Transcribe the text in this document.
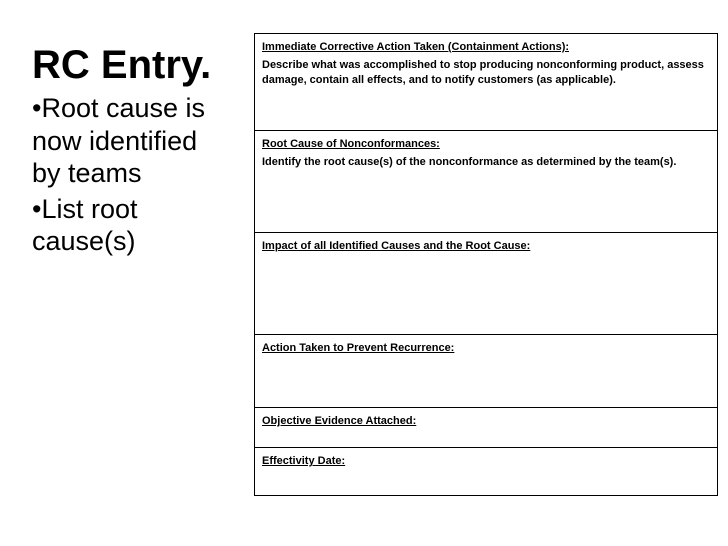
RC Entry.
•Root cause is now identified by teams
•List root cause(s)
Immediate Corrective Action Taken (Containment Actions):
Describe what was accomplished to stop producing nonconforming product, assess damage, contain all effects, and to notify customers (as applicable).
Root Cause of Nonconformances:
Identify the root cause(s) of the nonconformance as determined by the team(s).
Impact of all Identified Causes and the Root Cause:
Action Taken to Prevent Recurrence:
Objective Evidence Attached:
Effectivity Date:
